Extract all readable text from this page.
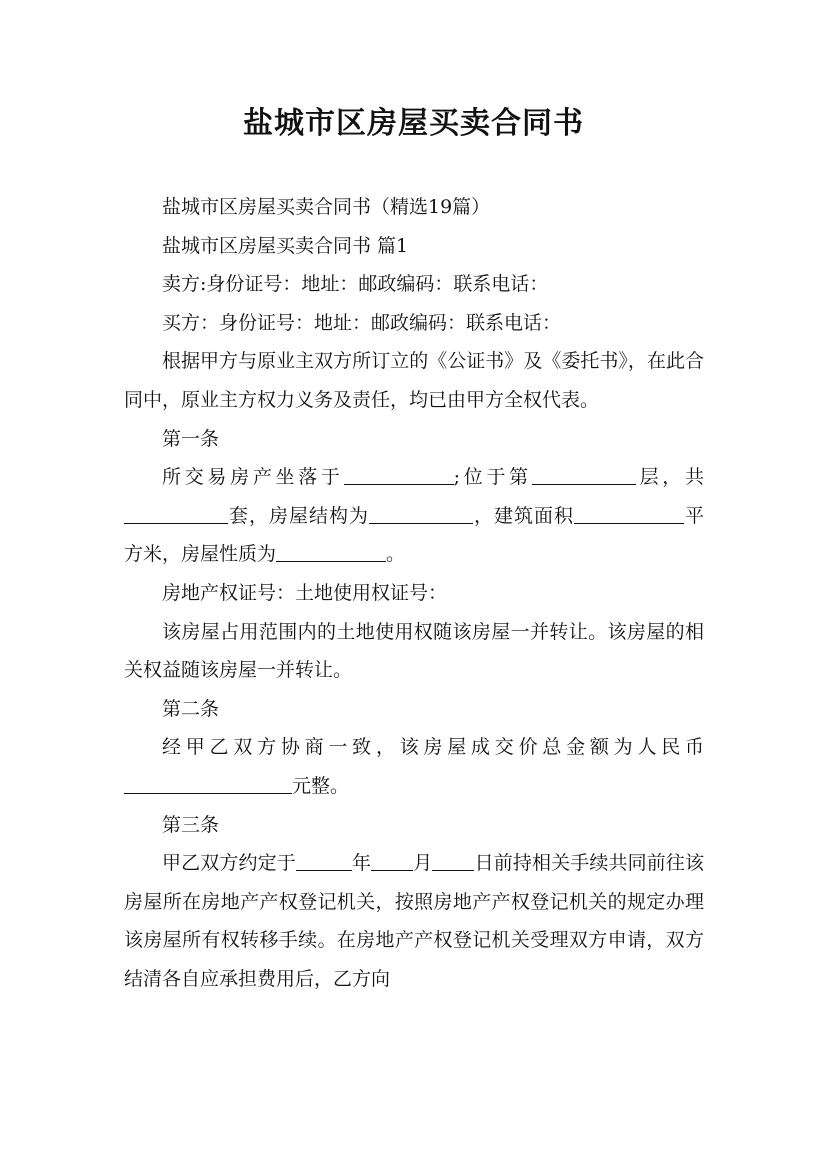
盐城市区房屋买卖合同书

盐城市区房屋买卖合同书（精选19篇）

盐城市区房屋买卖合同书 篇1

卖方:身份证号：地址：邮政编码：联系电话：

买方：身份证号：地址：邮政编码：联系电话：

根据甲方与原业主双方所订立的《公证书》及《委托书》，在此合同中，原业主方权力义务及责任，均已由甲方全权代表。

第一条

所交易房产坐落于	;位于第	层，共套，房屋结构为	，建筑面积	平方米，房屋性质为	。

房地产权证号：土地使用权证号：

该房屋占用范围内的土地使用权随该房屋一并转让。该房屋的相关权益随该房屋一并转让。

第二条

经甲乙双方协商一致，该房屋成交价总金额为人民币元整。

第三条

甲乙双方约定于	年 月 日前持相关手续共同前往该房屋所在房地产产权登记机关，按照房地产产权登记机关的规定办理该房屋所有权转移手续。在房地产产权登记机关受理双方申请，双方结清各自应承担费用后，乙方向
